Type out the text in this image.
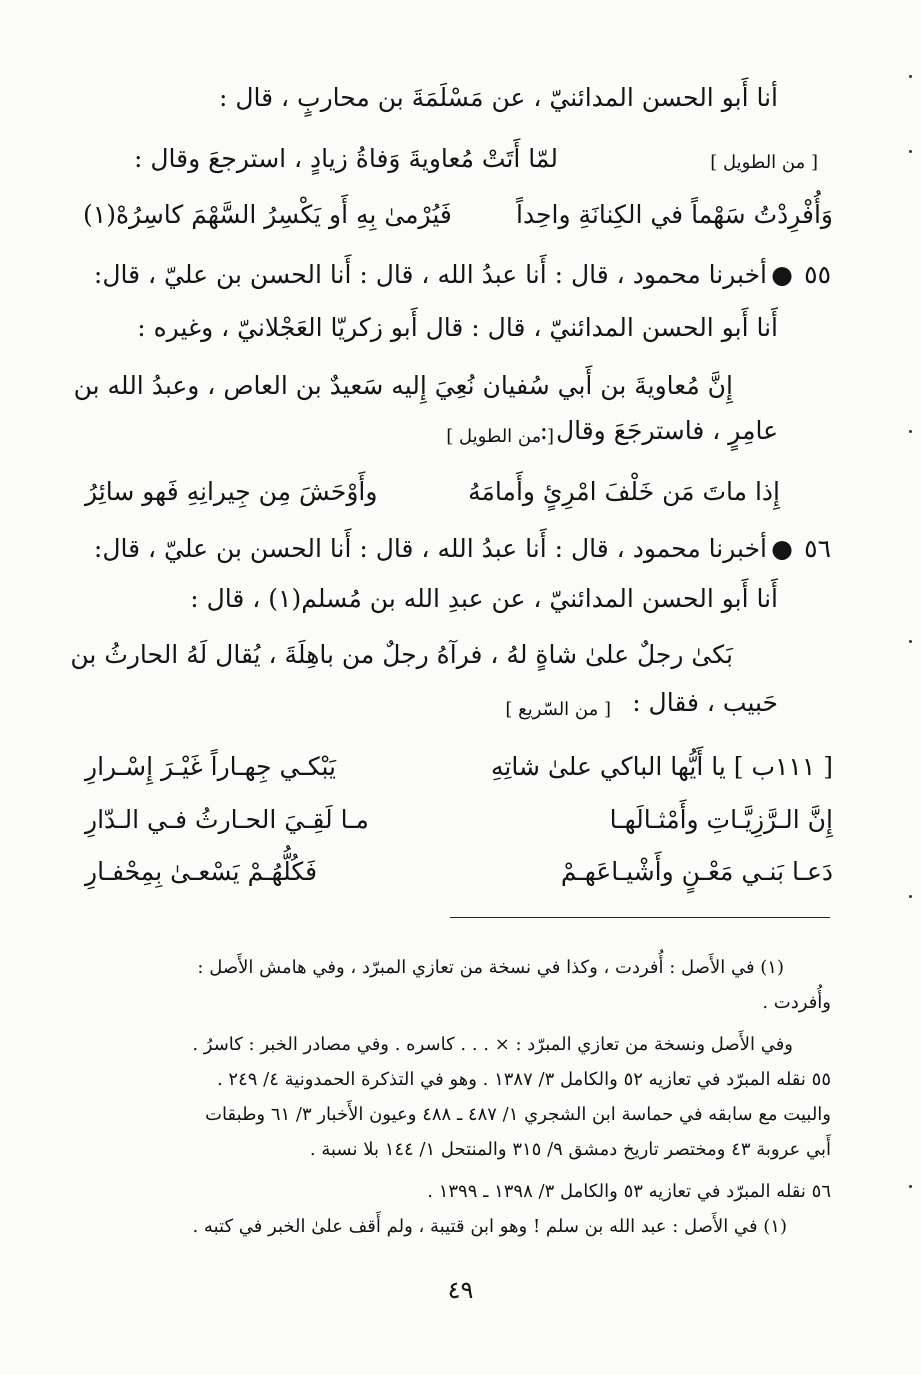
أنا أَبو الحسن المدائنيّ ، عن مَسْلَمَةَ بن محاربٍ ، قال :
لمّا أَتَتْ مُعاويةَ وَفاةُ زيادٍ ، استرجعَ وقال :	[ من الطويل ]
وَأُفْرِدْتُ سَهْماً في الكِنانَةِ واحِداً
فَيُرْمىٰ بِهِ أَو يَكْسِرُ السَّهْمَ كاسِرُهْ(١)
٥٥
●
أخبرنا محمود ، قال : أَنا عبدُ الله ، قال : أَنا الحسن بن عليّ ، قال:
أَنا أَبو الحسن المدائنيّ ، قال : قال أَبو زكريّا العَجْلانيّ ، وغيره :
إِنَّ مُعاويةَ بن أَبي سُفيان نُعِيَ إِليه سَعيدٌ بن العاص ، وعبدُ الله بن
عامِرٍ ، فاسترجَعَ وقال :
[ من الطويل ]
إِذا ماتَ مَن خَلْفَ امْرِئٍ وأَمامَهُ
وأَوْحَشَ مِن جِيرانِهِ فَهو سائِرُ
٥٦
●
أخبرنا محمود ، قال : أَنا عبدُ الله ، قال : أَنا الحسن بن عليّ ، قال:
أَنا أَبو الحسن المدائنيّ ، عن عبدِ الله بن مُسلم(١) ، قال :
بَكىٰ رجلٌ علىٰ شاةٍ لهُ ، فرآهُ رجلٌ من باهِلَةَ ، يُقال لَهُ الحارثُ بن
حَبيب ، فقال :
[ من السّريع ]
[ ١١١ب ] يا أَيُّها الباكي علىٰ شاتِهِ
يَبْكـي جِهـاراً غَيْـرَ إِسْـرارِ
إِنَّ الـرَّزِيَّـاتِ وأَمْثـالَهـا
مـا لَقِـيَ الحـارثُ فـي الـدّارِ
دَعـا بَنـي مَعْـنٍ وأَشْيـاعَهـمْ
فَكُلُّهُـمْ يَسْعـىٰ بِمِحْفـارِ
(١) في الأَصل : أُفردت ، وكذا في نسخة من تعازي المبرّد ، وفي هامش الأَصل :
وأُفردت .
وفي الأَصل ونسخة من تعازي المبرّد : × . . . كاسره . وفي مصادر الخبر : كاسرُ .
٥٥ نقله المبرّد في تعازيه ٥٢ والكامل ٣/ ١٣٨٧ . وهو في التذكرة الحمدونية ٤/ ٢٤٩ .
والبيت مع سابقه في حماسة ابن الشجري ١/ ٤٨٧ ـ ٤٨٨ وعيون الأَخبار ٣/ ٦١ وطبقات
أَبي عروبة ٤٣ ومختصر تاريخ دمشق ٩/ ٣١٥ والمنتحل ١/ ١٤٤ بلا نسبة .
٥٦ نقله المبرّد في تعازيه ٥٣ والكامل ٣/ ١٣٩٨ ـ ١٣٩٩ .
(١) في الأَصل : عبد الله بن سلم ! وهو ابن قتيبة ، ولم أَقف علىٰ الخبر في كتبه .
٤٩
